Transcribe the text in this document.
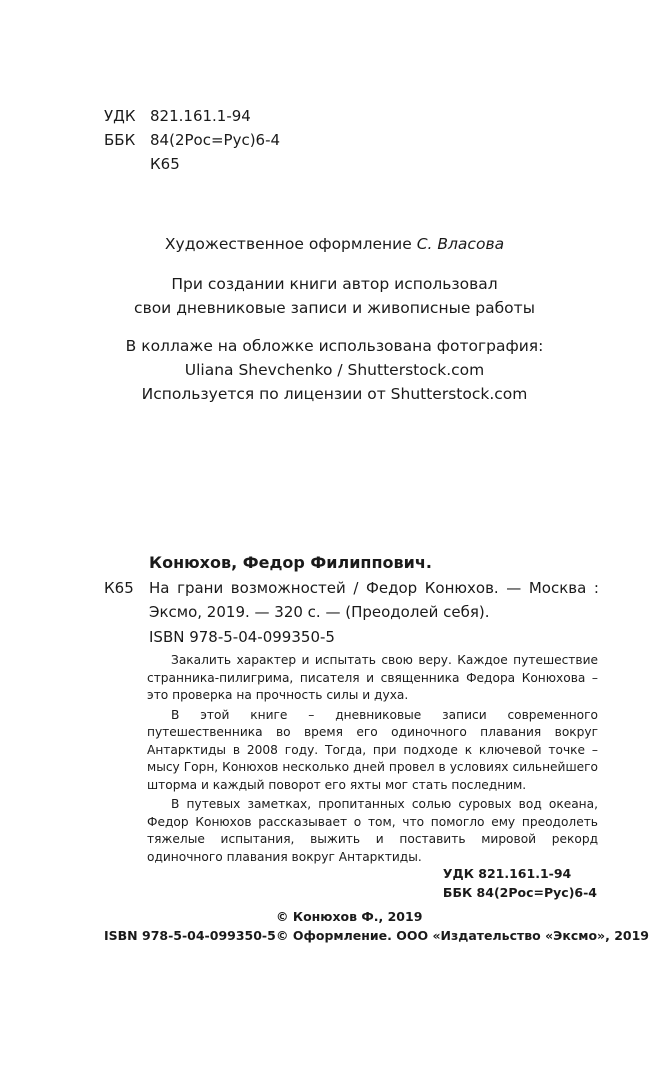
УДК 821.161.1-94
ББК 84(2Рос=Рус)6-4
К65

Художественное оформление С. Власова

При создании книги автор использовал

свои дневниковые записи и живописные работы

В коллаже на обложке использована фотография:

Uliana Shevchenko / Shutterstock.com

Используется по лицензии от Shutterstock.com

Конюхов, Федор Филиппович.
К65 На грани возможностей / Федор Конюхов. — Москва :
Эксмо, 2019. — 320 с. — (Преодолей себя).
ISBN 978-5-04-099350-5

Закалить характер и испытать свою веру. Каждое путешествие странника-пилигрима, писателя и священника Федора Конюхова – это проверка на прочность силы и духа.

В этой книге – дневниковые записи современного путешественника во время его одиночного плавания вокруг Антарктиды в 2008 году. Тогда, при подходе к ключевой точке – мысу Горн, Конюхов несколько дней провел в условиях сильнейшего шторма и каждый поворот его яхты мог стать последним.

В путевых заметках, пропитанных солью суровых вод океана, Федор Конюхов рассказывает о том, что помогло ему преодолеть тяжелые испытания, выжить и поставить мировой рекорд одиночного плавания вокруг Антарктиды.

УДК 821.161.1-94
ББК 84(2Рос=Рус)6-4
© Конюхов Ф., 2019
ISBN 978-5-04-099350-5 © Оформление. ООО «Издательство «Эксмо», 2019
